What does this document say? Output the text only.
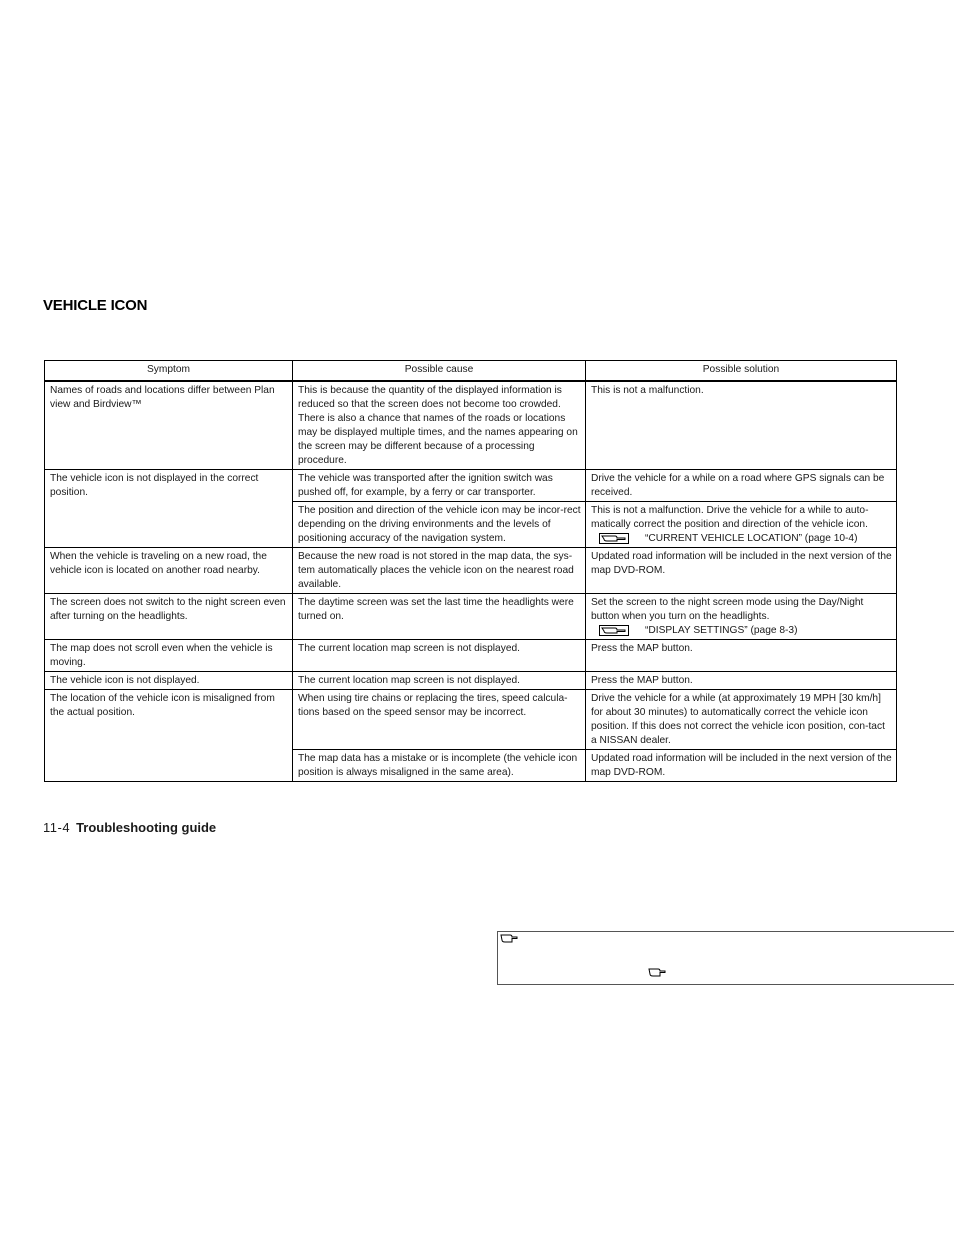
VEHICLE ICON
Symptom	Possible cause	Possible solution
Names of roads and locations differ between Plan view and Birdview™	This is because the quantity of the displayed information is reduced so that the screen does not become too crowded. There is also a chance that names of the roads or locations may be displayed multiple times, and the names appearing on the screen may be different because of a processing procedure.	This is not a malfunction.
The vehicle icon is not displayed in the correct position.	The vehicle was transported after the ignition switch was pushed off, for example, by a ferry or car transporter.	Drive the vehicle for a while on a road where GPS signals can be received.
	The position and direction of the vehicle icon may be incor-rect depending on the driving environments and the levels of positioning accuracy of the navigation system.	This is not a malfunction. Drive the vehicle for a while to auto-matically correct the position and direction of the vehicle icon.
“CURRENT VEHICLE LOCATION” (page 10-4)

When the vehicle is traveling on a new road, the vehicle icon is located on another road nearby.	Because the new road is not stored in the map data, the sys-tem automatically places the vehicle icon on the nearest road available.	Updated road information will be included in the next version of the map DVD-ROM.
The screen does not switch to the night screen even after turning on the headlights.	The daytime screen was set the last time the headlights were turned on.	Set the screen to the night screen mode using the Day/Night button when you turn on the headlights.
“DISPLAY SETTINGS” (page 8-3)

The map does not scroll even when the vehicle is moving.	The current location map screen is not displayed.	Press the MAP button.
The vehicle icon is not displayed.	The current location map screen is not displayed.	Press the MAP button.
The location of the vehicle icon is misaligned from the actual position.	When using tire chains or replacing the tires, speed calcula-tions based on the speed sensor may be incorrect.	Drive the vehicle for a while (at approximately 19 MPH [30 km/h] for about 30 minutes) to automatically correct the vehicle icon position. If this does not correct the vehicle icon position, con-tact a NISSAN dealer.
	The map data has a mistake or is incomplete (the vehicle icon position is always misaligned in the same area).	Updated road information will be included in the next version of the map DVD-ROM.

11-4 Troubleshooting guide
